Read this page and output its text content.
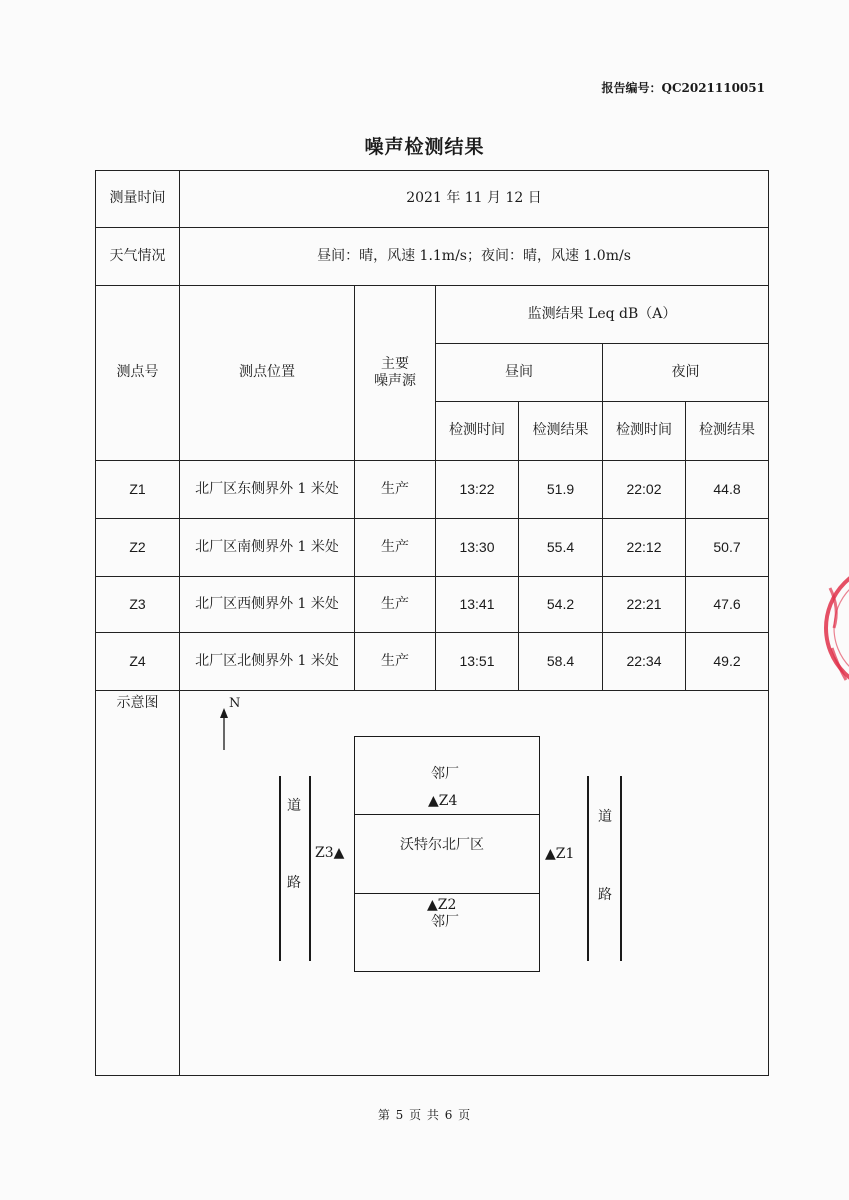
报告编号：QC2021110051
噪声检测结果
测量时间	2021 年 11 月 12 日
天气情况	昼间：晴，风速 1.1m/s；夜间：晴，风速 1.0m/s
测点号	测点位置
主要
噪声源
监测结果 Leq dB（A）
昼间	夜间
检测时间	检测结果	检测时间	检测结果
Z1	北厂区东侧界外 1 米处	生产	13:22	51.9	22:02	44.8
Z2	北厂区南侧界外 1 米处	生产	13:30	55.4	22:12	50.7
Z3	北厂区西侧界外 1 米处	生产	13:41	54.2	22:21	47.6
Z4	北厂区北侧界外 1 米处	生产	13:51	58.4	22:34	49.2
示意图	N
道
路
道
路
邻厂
▲Z4
沃特尔北厂区
▲Z2
邻厂
Z3▲	▲Z1
第 5 页 共 6 页
